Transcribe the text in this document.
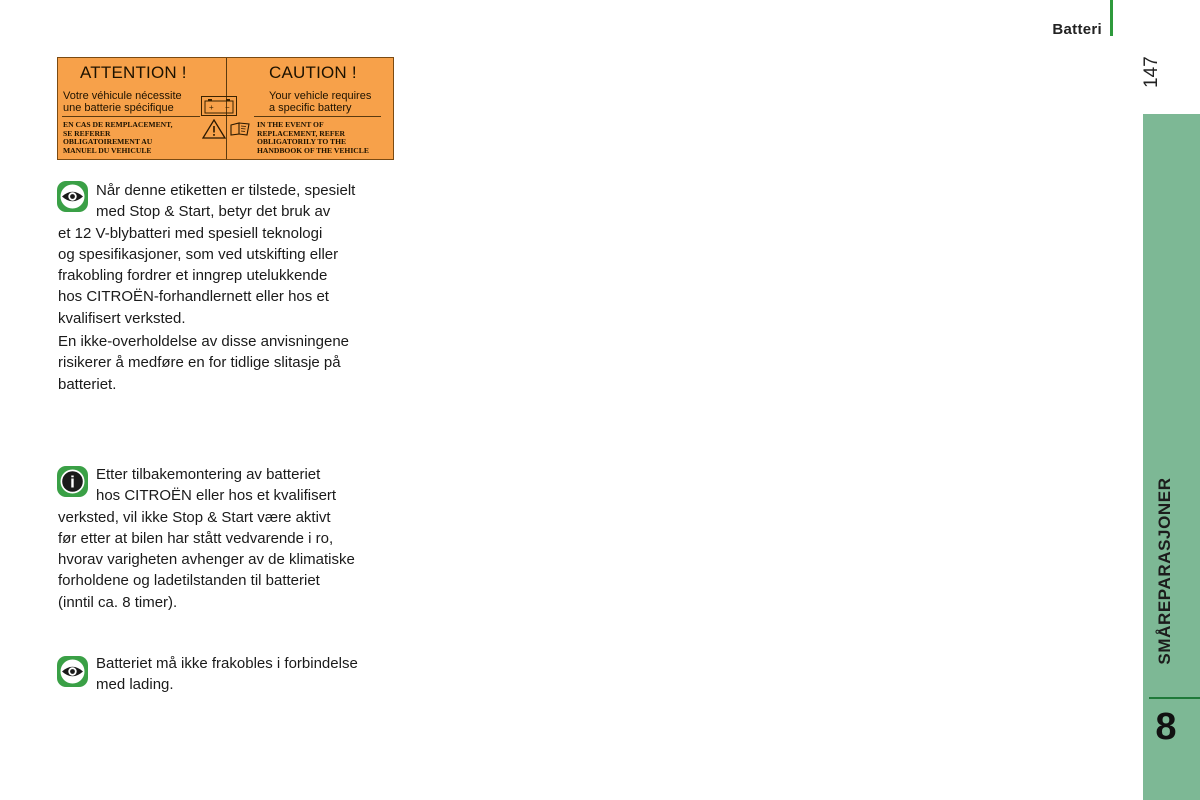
Batteri
147
SMÅREPARASJONER
8
ATTENTION !	CAUTION !
Votre véhicule nécessite
une batterie spécifique
Your vehicle requires
a specific battery
+ −
EN CAS DE REMPLACEMENT,
SE REFERER
OBLIGATOIREMENT AU
MANUEL DU VEHICULE
IN THE EVENT OF
REPLACEMENT, REFER
OBLIGATORILY TO THE
HANDBOOK OF THE VEHICLE
Når denne etiketten er tilstede, spesielt
med Stop & Start, betyr det bruk av
et 12 V-blybatteri med spesiell teknologi
og spesifikasjoner, som ved utskifting eller
frakobling fordrer et inngrep utelukkende
hos CITROËN-forhandlernett eller hos et
kvalifisert verksted.
En ikke-overholdelse av disse anvisningene
risikerer å medføre en for tidlige slitasje på
batteriet.
i	Etter tilbakemontering av batteriet
hos CITROËN eller hos et kvalifisert
verksted, vil ikke Stop & Start være aktivt
før etter at bilen har stått vedvarende i ro,
hvorav varigheten avhenger av de klimatiske
forholdene og ladetilstanden til batteriet
(inntil ca. 8 timer).
Batteriet må ikke frakobles i forbindelse
med lading.
